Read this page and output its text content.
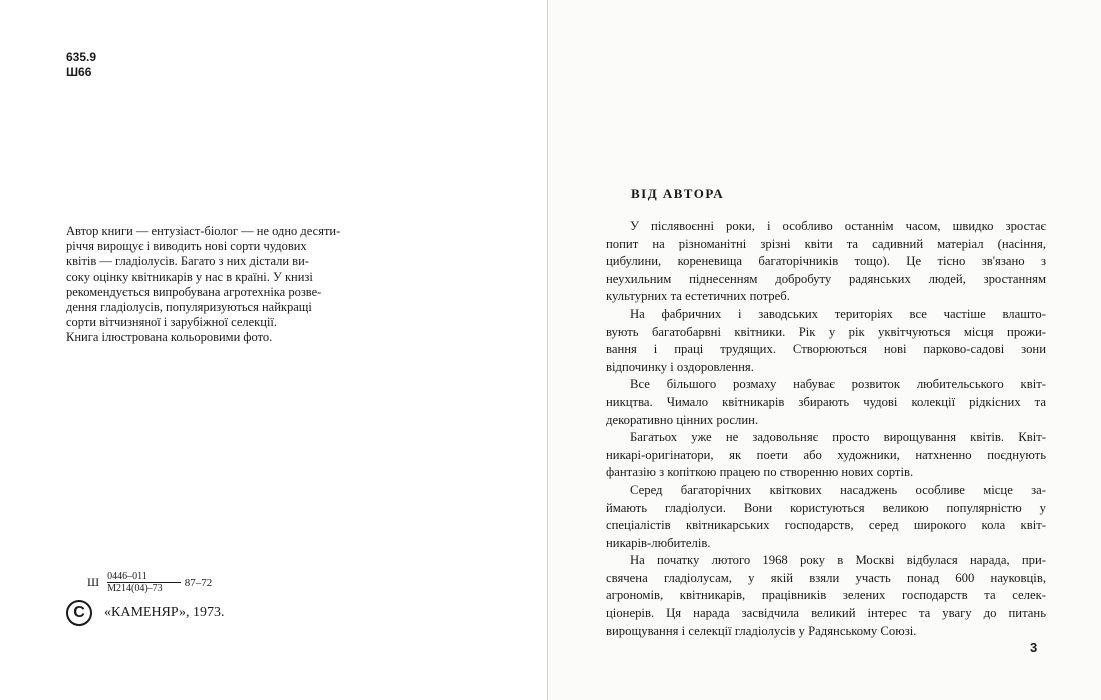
635.9
Ш66
Автор книги — ентузіаст-біолог — не одно десяти-
річчя вирощує і виводить нові сорти чудових
квітів — гладіолусів. Багато з них дістали ви-
соку оцінку квітникарів у нас в країні. У книзі
рекомендується випробувана агротехніка розве-
дення гладіолусів, популяризуються найкращі
сорти вітчизняної і зарубіжної селекції.
Книга ілюстрована кольоровими фото.
Ш $\frac{0446-011}{М214(04)-73} 87-72$
C	«КАМЕНЯР», 1973.
ВІД АВТОРА
У післявоєнні роки, і особливо останнім часом, швидко зростає
попит на різноманітні зрізні квіти та садивний матеріал (насіння,
цибулини, кореневища багаторічників тощо). Це тісно зв'язано з
неухильним піднесенням добробуту радянських людей, зростанням
культурних та естетичних потреб.
На фабричних і заводських територіях все частіше влашто-
вують багатобарвні квітники. Рік у рік уквітчуються місця прожи-
вання і праці трудящих. Створюються нові парково-садові зони
відпочинку і оздоровлення.
Все більшого розмаху набуває розвиток любительського квіт-
никцтва. Чимало квітникарів збирають чудові колекції рідкісних та
декоративно цінних рослин.
Багатьох уже не задовольняє просто вирощування квітів. Квіт-
никарі-оригінатори, як поети або художники, натхненно поєднують
фантазію з копіткою працею по створенню нових сортів.
Серед багаторічних квіткових насаджень особливе місце за-
ймають гладіолуси. Вони користуються великою популярністю у
спеціалістів квітникарських господарств, серед широкого кола квіт-
никарів-любителів.
На початку лютого 1968 року в Москві відбулася нарада, при-
свячена гладіолусам, у якій взяли участь понад 600 науковців,
агрономів, квітникарів, працівників зелених господарств та селек-
ціонерів. Ця нарада засвідчила великий інтерес та увагу до питань
вирощування і селекції гладіолусів у Радянському Союзі.
3
